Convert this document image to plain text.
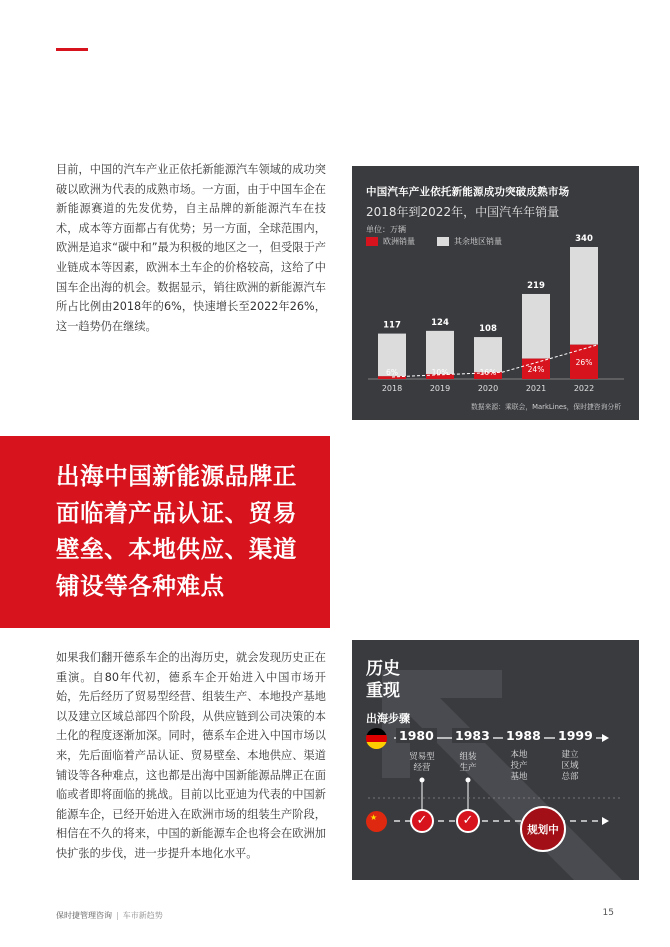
目前，中国的汽车产业正依托新能源汽车领域的成功突破以欧洲为代表的成熟市场。一方面，由于中国车企在新能源赛道的先发优势，自主品牌的新能源汽车在技术，成本等方面都占有优势；另一方面，全球范围内，欧洲是追求“碳中和”最为积极的地区之一，但受限于产业链成本等因素，欧洲本土车企的价格较高，这给了中国车企出海的机会。数据显示，销往欧洲的新能源汽车所占比例由2018年的6%，快速增长至2022年26%，这一趋势仍在继续。

中国汽车产业依托新能源成功突破成熟市场
2018年到2022年，中国汽车年销量
单位：万辆
欧洲销量	其余地区销量
117
6%
2018
124
10%
2019
108
16%
2020
219
24%
2021
340
26%
2022
数据来源：乘联会，MarkLines，保时捷咨询分析
出海中国新能源品牌正
面临着产品认证、贸易
壁垒、本地供应、渠道
铺设等各种难点

如果我们翻开德系车企的出海历史，就会发现历史正在重演。自80年代初，德系车企开始进入中国市场开始，先后经历了贸易型经营、组装生产、本地投产基地以及建立区域总部四个阶段，从供应链到公司决策的本土化的程度逐渐加深。同时，德系车企进入中国市场以来，先后面临着产品认证、贸易壁垒、本地供应、渠道铺设等各种难点，这也都是出海中国新能源品牌正在面临或者即将面临的挑战。目前以比亚迪为代表的中国新能源车企，已经开始进入在欧洲市场的组装生产阶段，相信在不久的将来，中国的新能源车企也将会在欧洲加快扩张的步伐，进一步提升本地化水平。

历史
重现
出海步骤
1980 1983 1988 1999
贸易型
经营
组装
生产
本地
投产
基地
建立
区域
总部
★	✓	✓
规划中
保时捷管理咨询 | 车市新趋势	15
